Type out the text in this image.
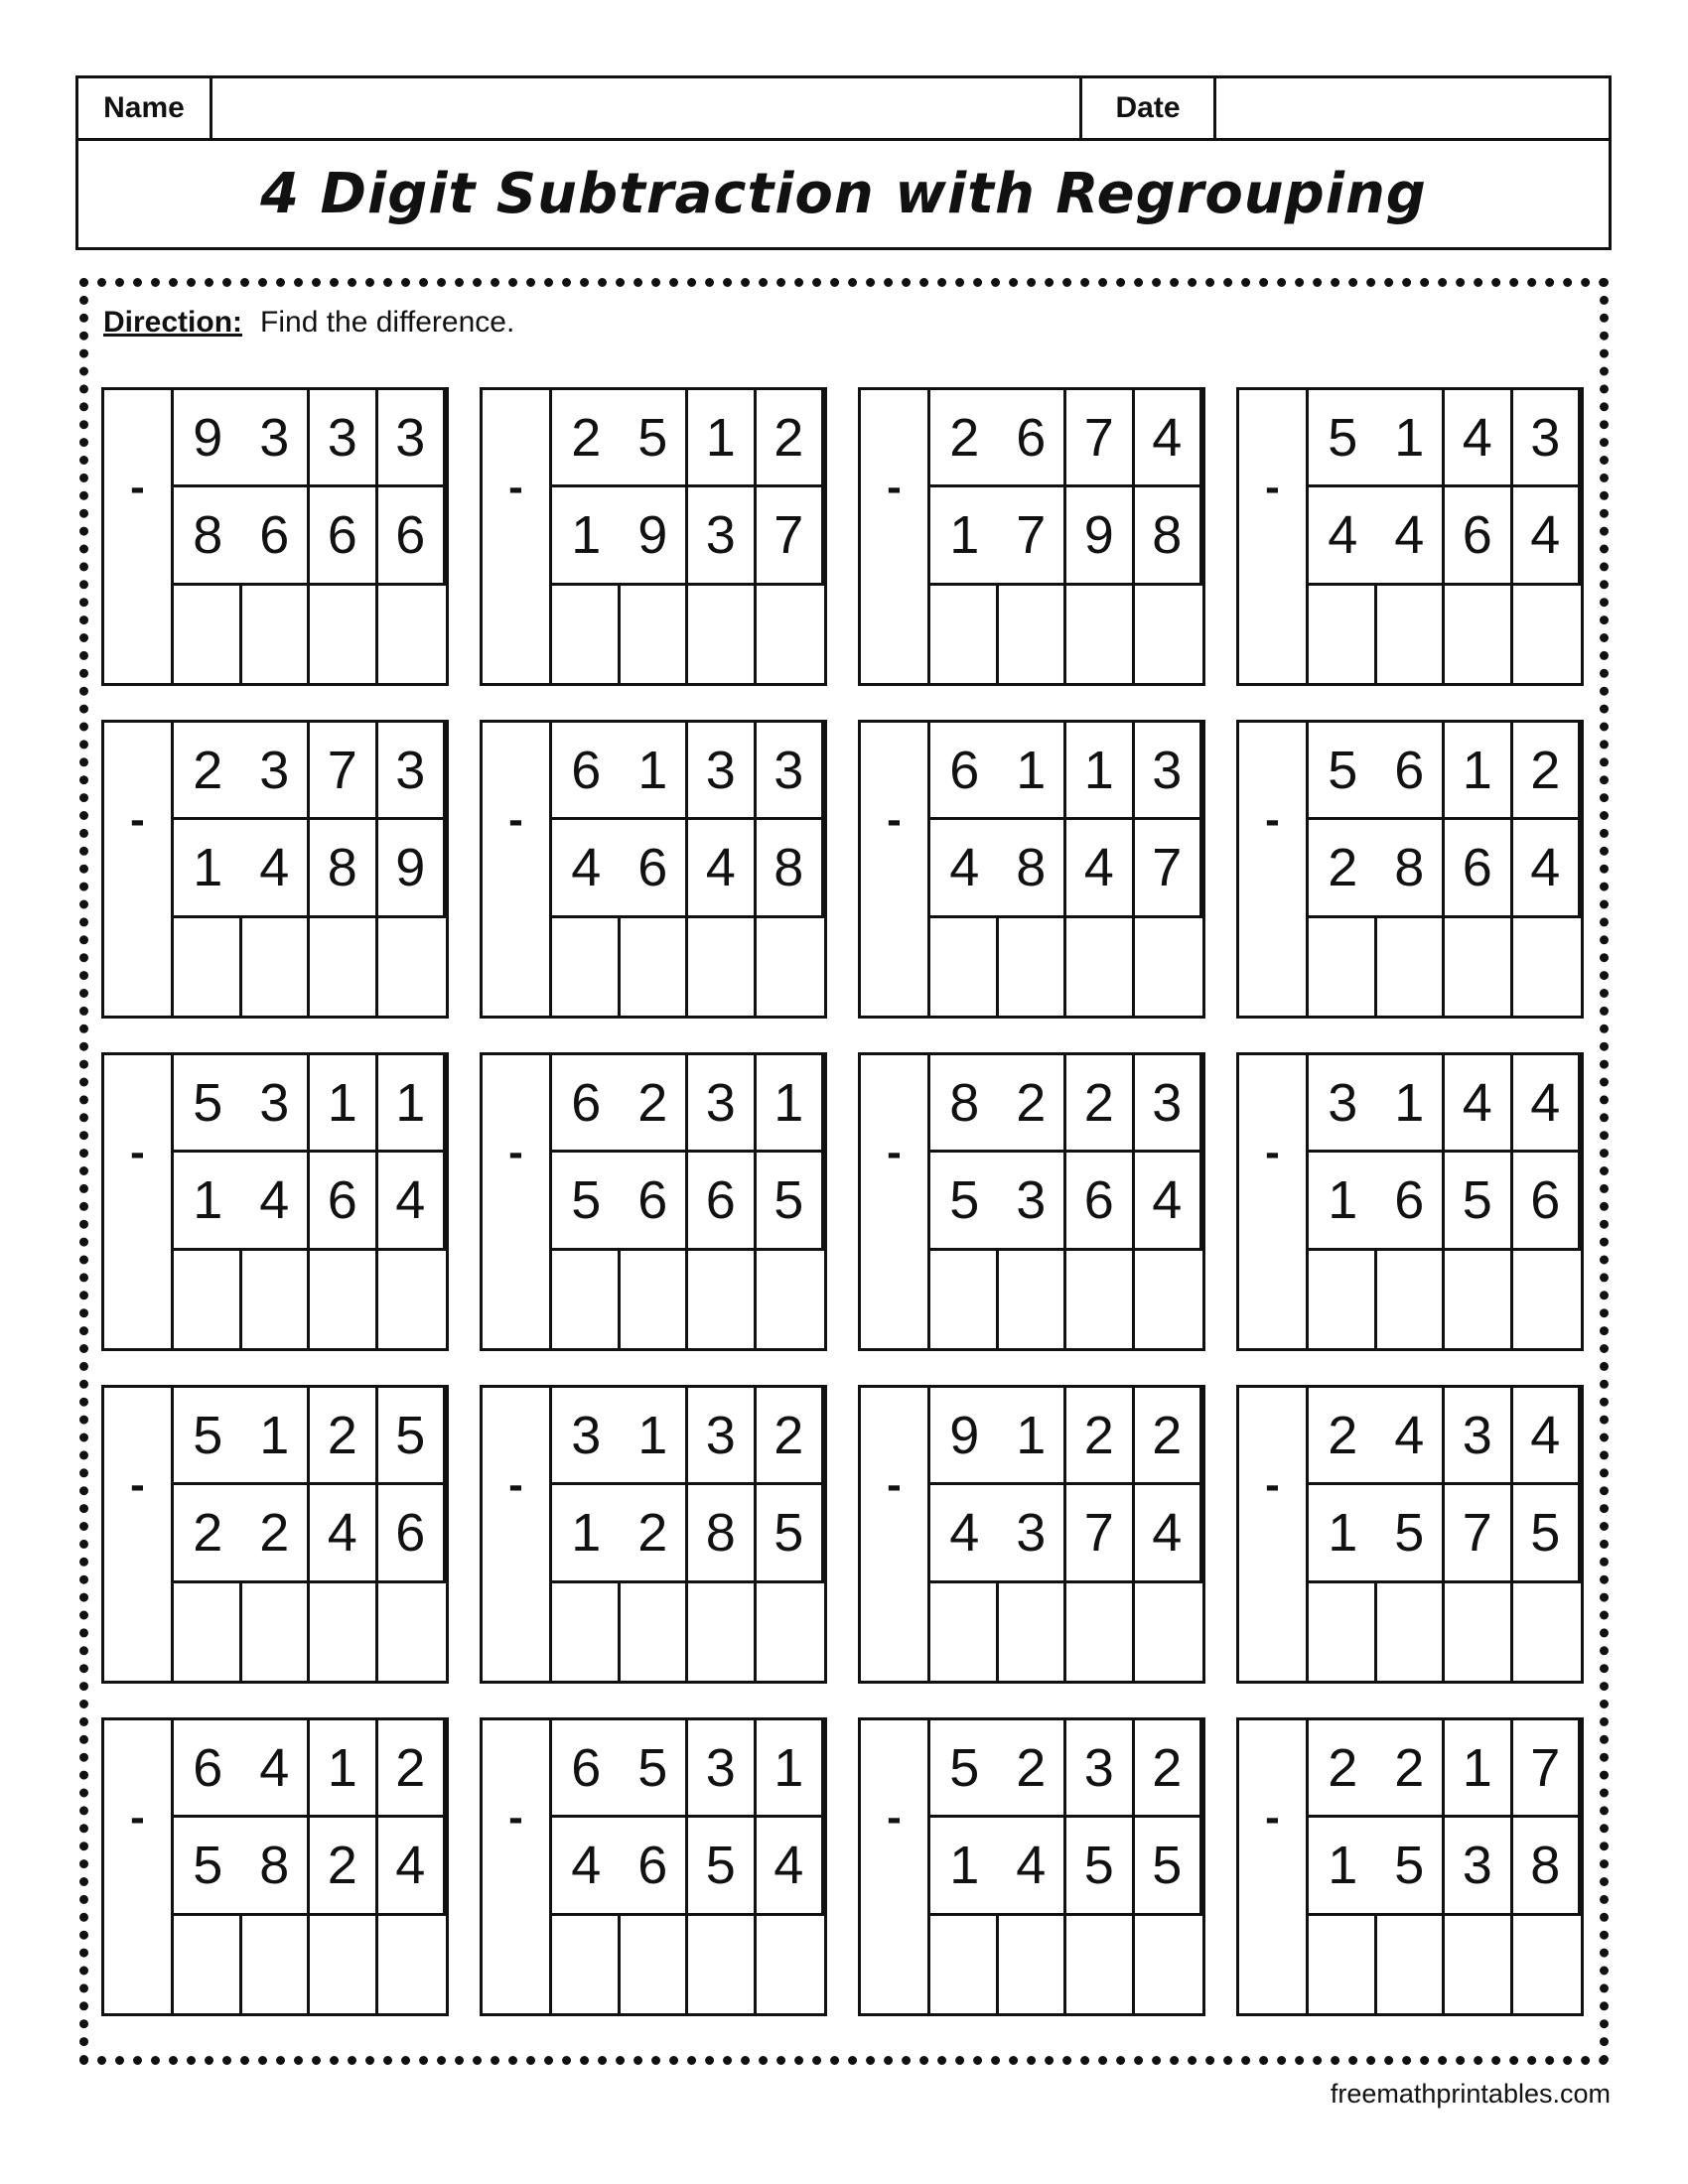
Name	Date
4 Digit Subtraction with Regrouping
Direction: Find the difference.
-
9 3 3 3
8 6 6 6
-
2 5 1 2
1 9 3 7
-
2 6 7 4
1 7 9 8
-
5 1 4 3
4 4 6 4
-
2 3 7 3
1 4 8 9
-
6 1 3 3
4 6 4 8
-
6 1 1 3
4 8 4 7
-
5 6 1 2
2 8 6 4
-
5 3 1 1
1 4 6 4
-
6 2 3 1
5 6 6 5
-
8 2 2 3
5 3 6 4
-
3 1 4 4
1 6 5 6
-
5 1 2 5
2 2 4 6
-
3 1 3 2
1 2 8 5
-
9 1 2 2
4 3 7 4
-
2 4 3 4
1 5 7 5
-
6 4 1 2
5 8 2 4
-
6 5 3 1
4 6 5 4
-
5 2 3 2
1 4 5 5
-
2 2 1 7
1 5 3 8
freemathprintables.com
